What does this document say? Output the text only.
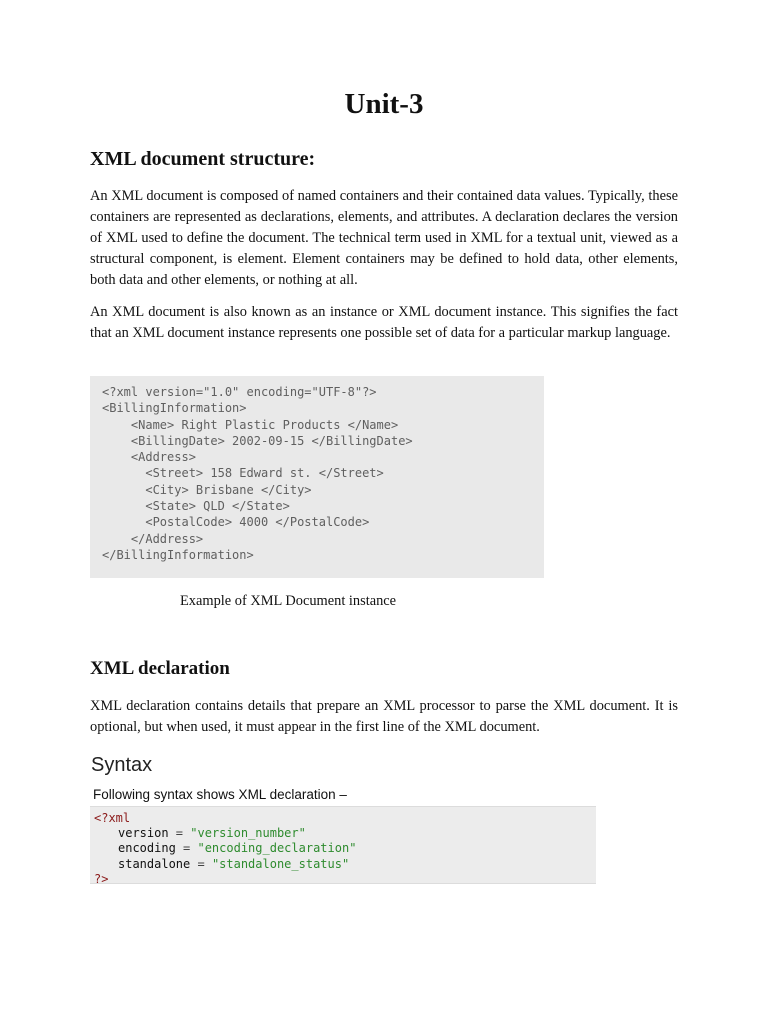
Unit-3
XML document structure:

An XML document is composed of named containers and their contained data values. Typically, these containers are represented as declarations, elements, and attributes. A declaration declares the version of XML used to define the document. The technical term used in XML for a textual unit, viewed as a structural component, is element. Element containers may be defined to hold data, other elements, both data and other elements, or nothing at all.

An XML document is also known as an instance or XML document instance. This signifies the fact that an XML document instance represents one possible set of data for a particular markup language.

<?xml version="1.0" encoding="UTF-8"?>
<BillingInformation>
<Name> Right Plastic Products </Name>
<BillingDate> 2002-09-15 </BillingDate>
<Address>
<Street> 158 Edward st. </Street>
<City> Brisbane </City>
<State> QLD </State>
<PostalCode> 4000 </PostalCode>
</Address>
</BillingInformation>

Example of XML Document instance

XML declaration

XML declaration contains details that prepare an XML processor to parse the XML document. It is optional, but when used, it must appear in the first line of the XML document.

Syntax

Following syntax shows XML declaration –

<?xml
version = "version_number"
encoding = "encoding_declaration"
standalone = "standalone_status"
?>
